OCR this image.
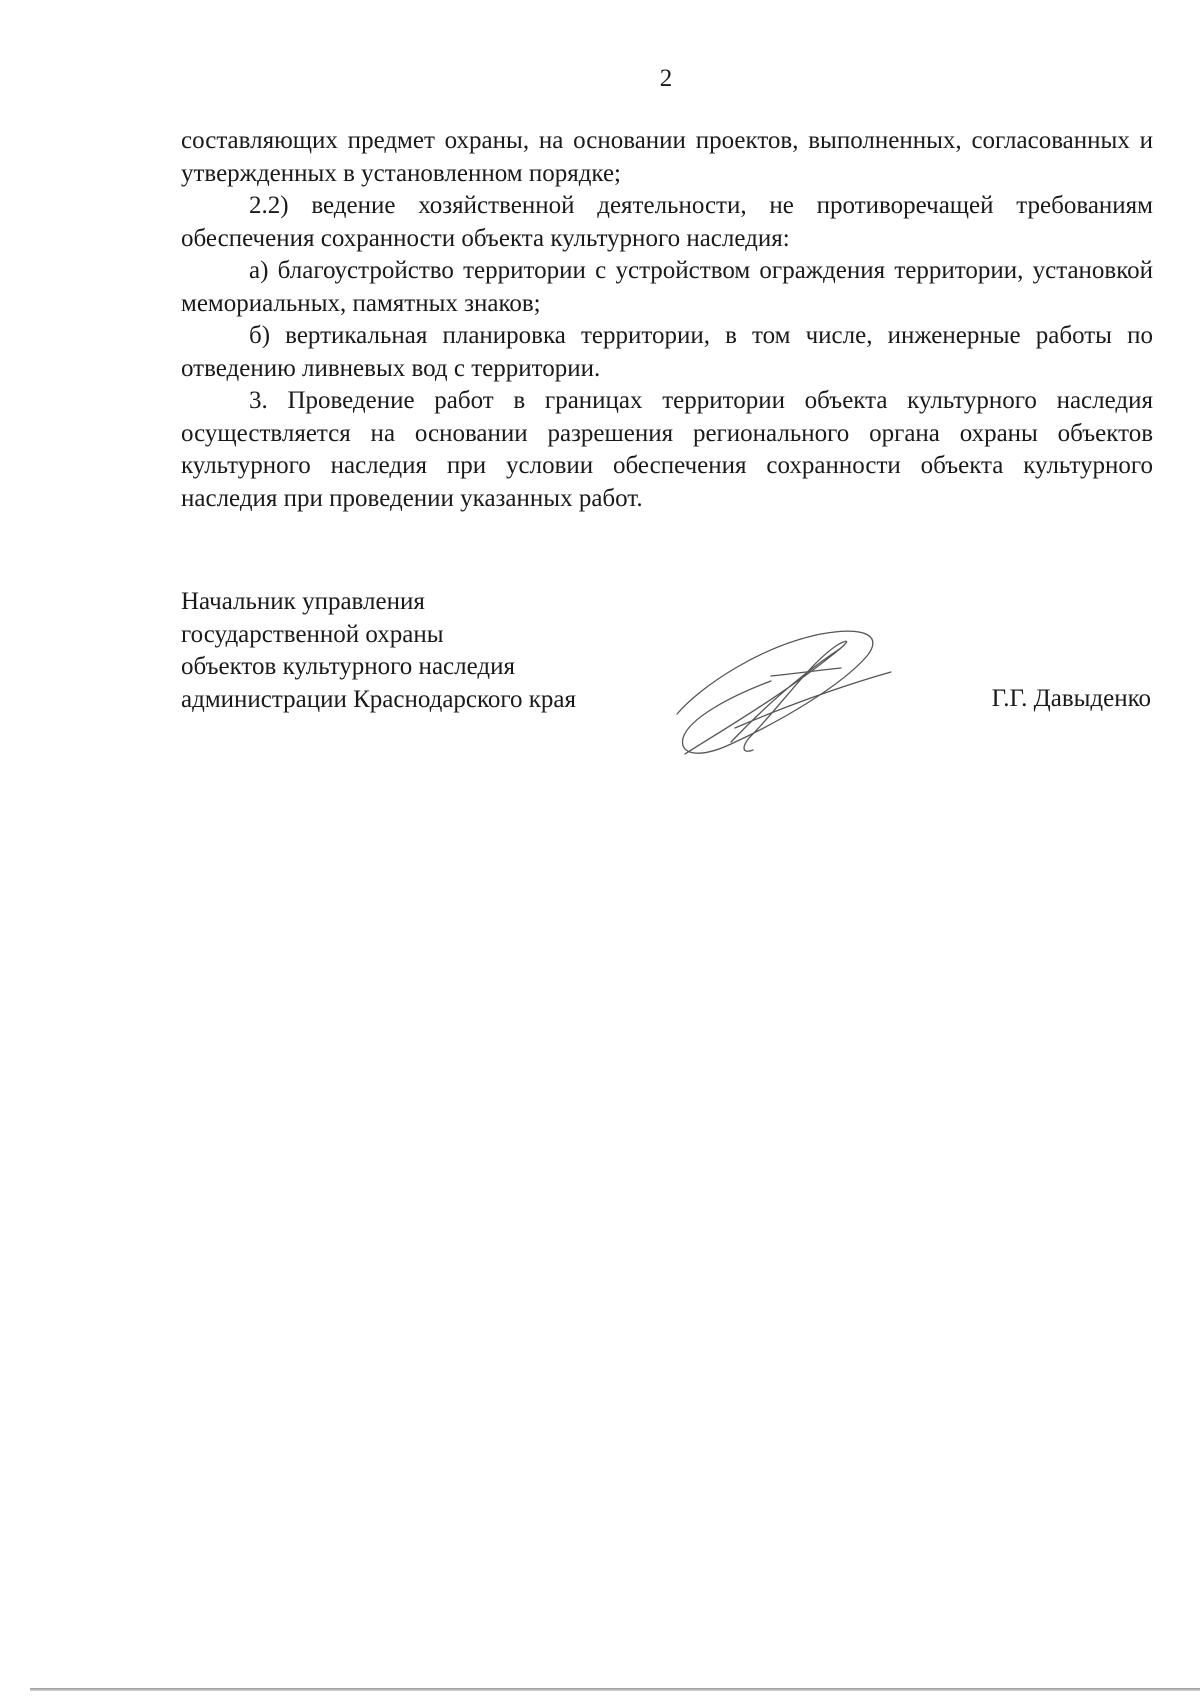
2

составляющих предмет охраны, на основании проектов, выполненных, согласованных и утвержденных в установленном порядке;

2.2) ведение хозяйственной деятельности, не противоречащей требованиям обеспечения сохранности объекта культурного наследия:

а) благоустройство территории с устройством ограждения территории, установкой мемориальных, памятных знаков;

б) вертикальная планировка территории, в том числе, инженерные работы по отведению ливневых вод с территории.

3. Проведение работ в границах территории объекта культурного наследия осуществляется на основании разрешения регионального органа охраны объектов культурного наследия при условии обеспечения сохранности объекта культурного наследия при проведении указанных работ.

Начальник управления
государственной охраны
объектов культурного наследия
администрации Краснодарского края	Г.Г. Давыденко
